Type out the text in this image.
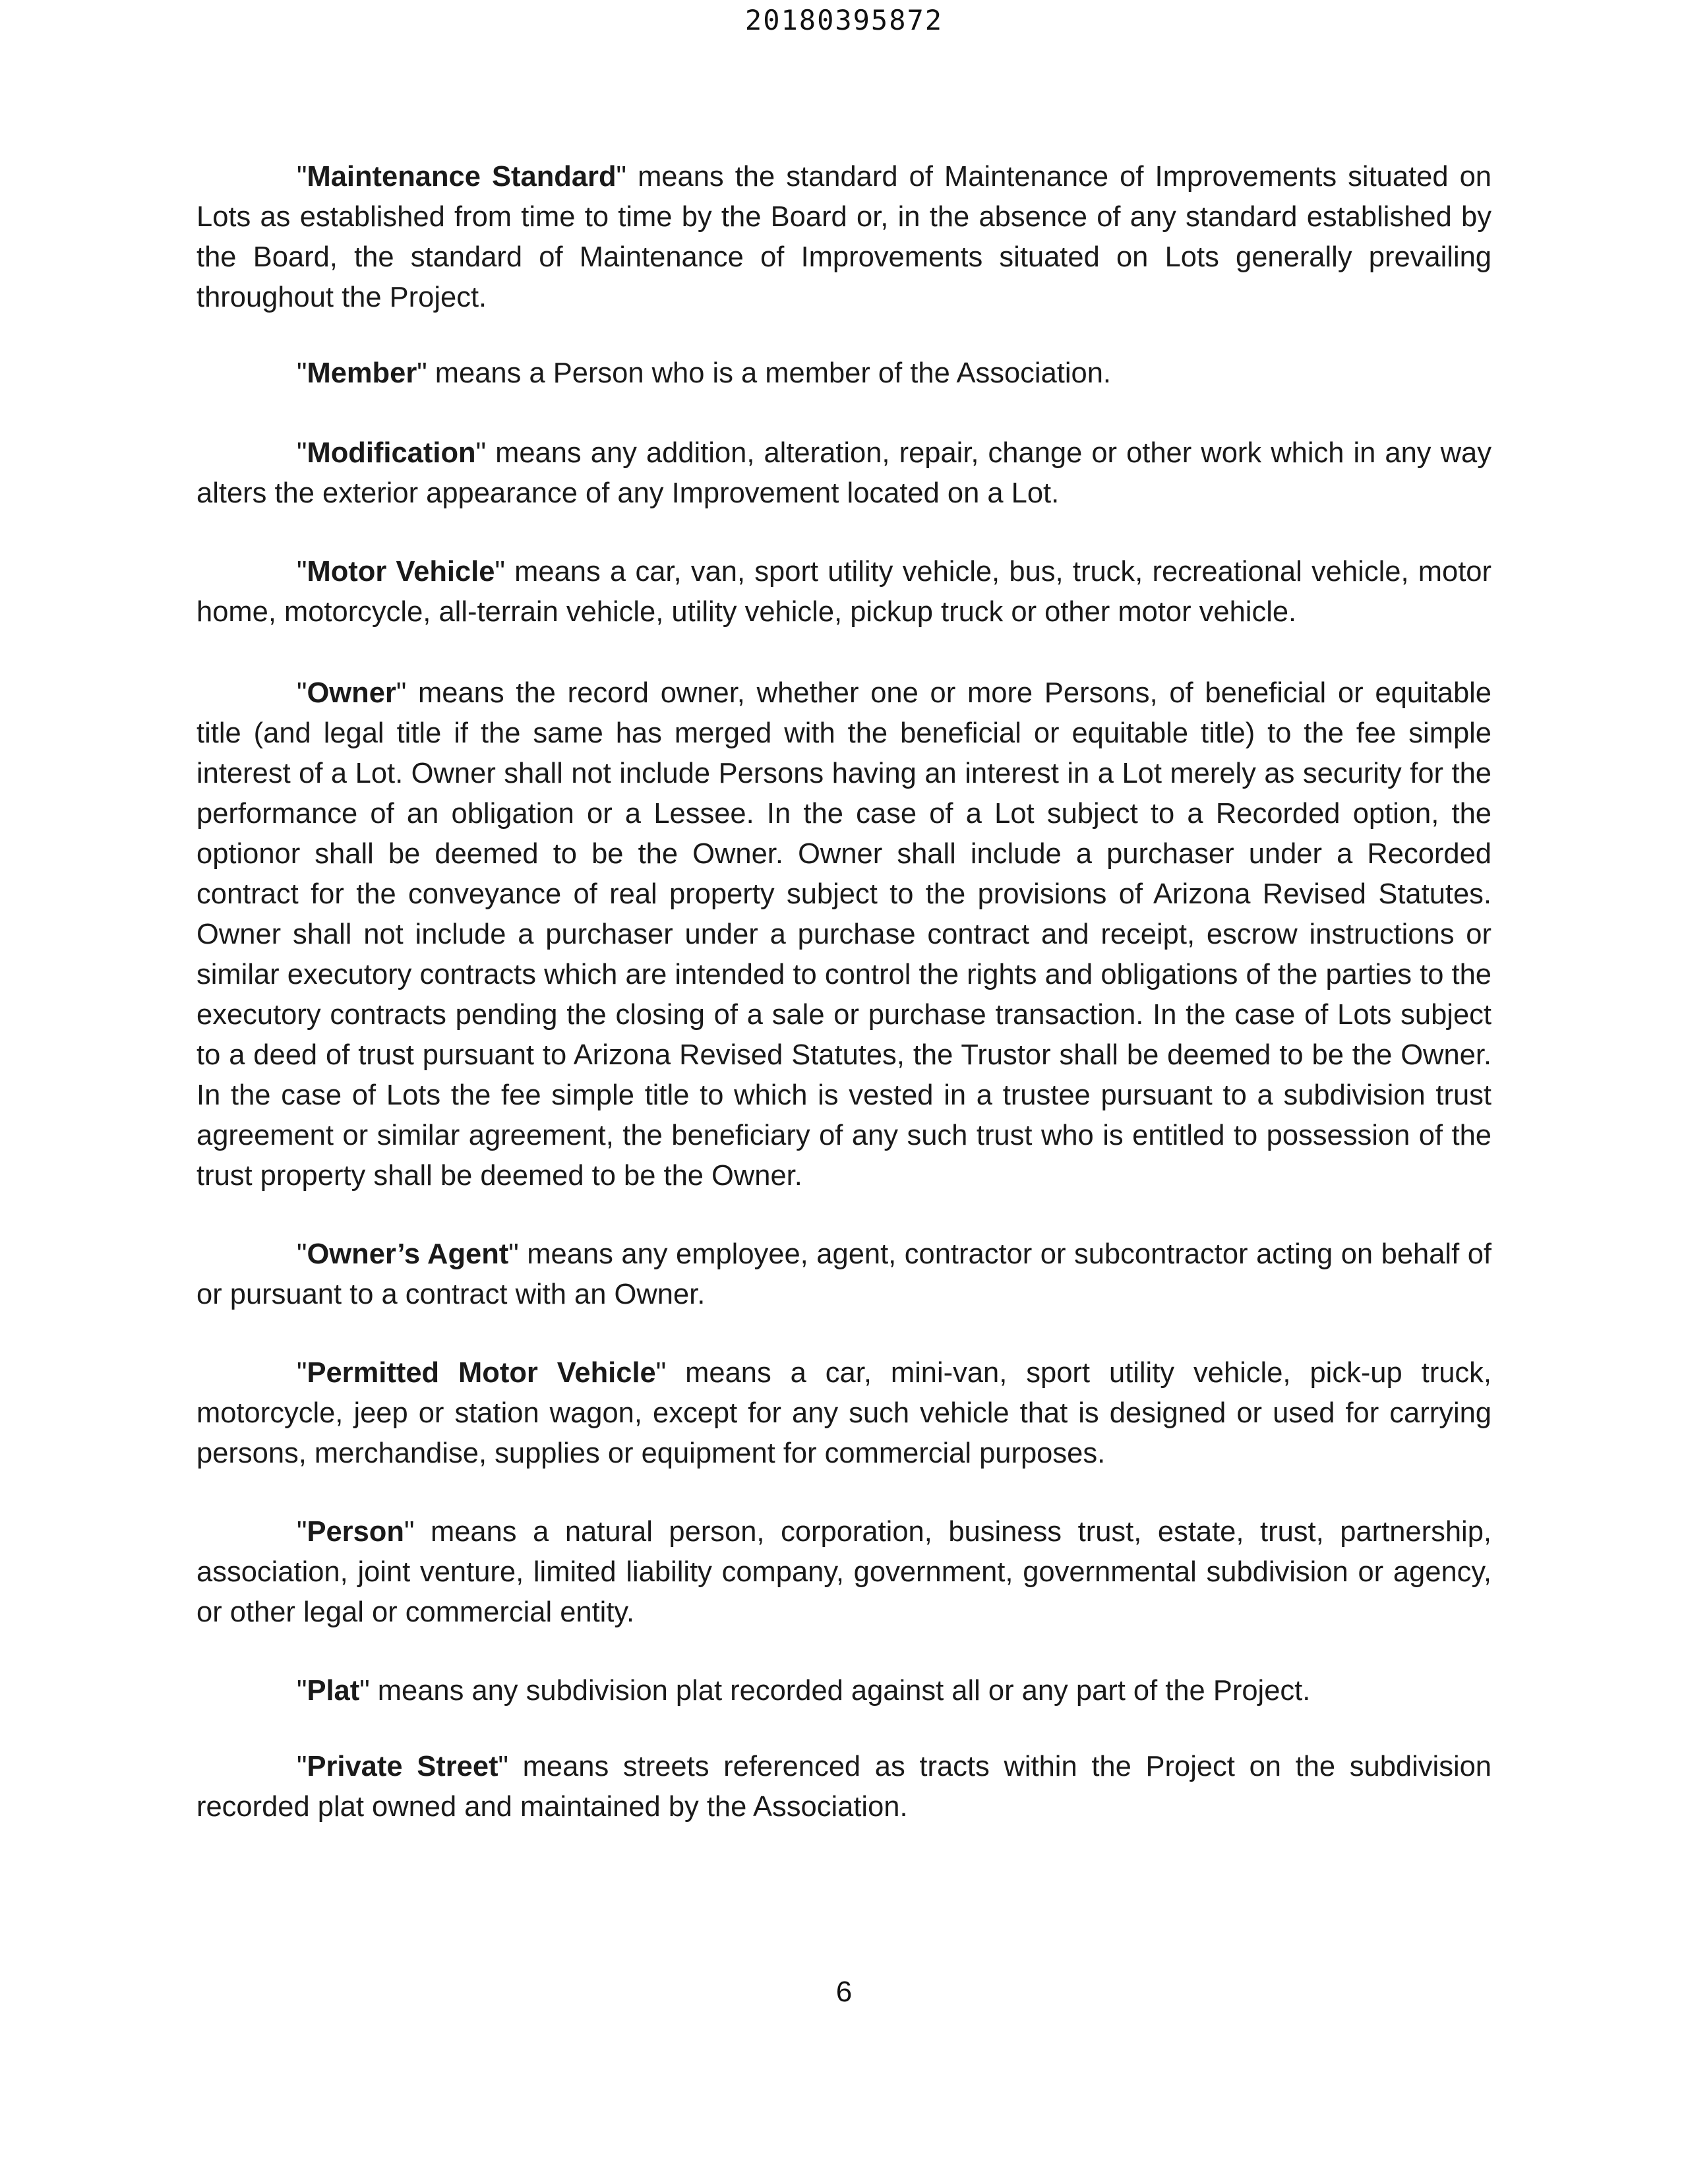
20180395872

"Maintenance Standard" means the standard of Maintenance of Improvements situated on Lots as established from time to time by the Board or, in the absence of any standard established by the Board, the standard of Maintenance of Improvements situated on Lots generally prevailing throughout the Project.

"Member" means a Person who is a member of the Association.

"Modification" means any addition, alteration, repair, change or other work which in any way alters the exterior appearance of any Improvement located on a Lot.

"Motor Vehicle" means a car, van, sport utility vehicle, bus, truck, recreational vehicle, motor home, motorcycle, all-terrain vehicle, utility vehicle, pickup truck or other motor vehicle.

"Owner" means the record owner, whether one or more Persons, of beneficial or equitable title (and legal title if the same has merged with the beneficial or equitable title) to the fee simple interest of a Lot. Owner shall not include Persons having an interest in a Lot merely as security for the performance of an obligation or a Lessee. In the case of a Lot subject to a Recorded option, the optionor shall be deemed to be the Owner. Owner shall include a purchaser under a Recorded contract for the conveyance of real property subject to the provisions of Arizona Revised Statutes. Owner shall not include a purchaser under a purchase contract and receipt, escrow instructions or similar executory contracts which are intended to control the rights and obligations of the parties to the executory contracts pending the closing of a sale or purchase transaction. In the case of Lots subject to a deed of trust pursuant to Arizona Revised Statutes, the Trustor shall be deemed to be the Owner. In the case of Lots the fee simple title to which is vested in a trustee pursuant to a subdivision trust agreement or similar agreement, the beneficiary of any such trust who is entitled to possession of the trust property shall be deemed to be the Owner.

"Owner’s Agent" means any employee, agent, contractor or subcontractor acting on behalf of or pursuant to a contract with an Owner.

"Permitted Motor Vehicle" means a car, mini-van, sport utility vehicle, pick-up truck, motorcycle, jeep or station wagon, except for any such vehicle that is designed or used for carrying persons, merchandise, supplies or equipment for commercial purposes.

"Person" means a natural person, corporation, business trust, estate, trust, partnership, association, joint venture, limited liability company, government, governmental subdivision or agency, or other legal or commercial entity.

"Plat" means any subdivision plat recorded against all or any part of the Project.

"Private Street" means streets referenced as tracts within the Project on the subdivision recorded plat owned and maintained by the Association.

6
